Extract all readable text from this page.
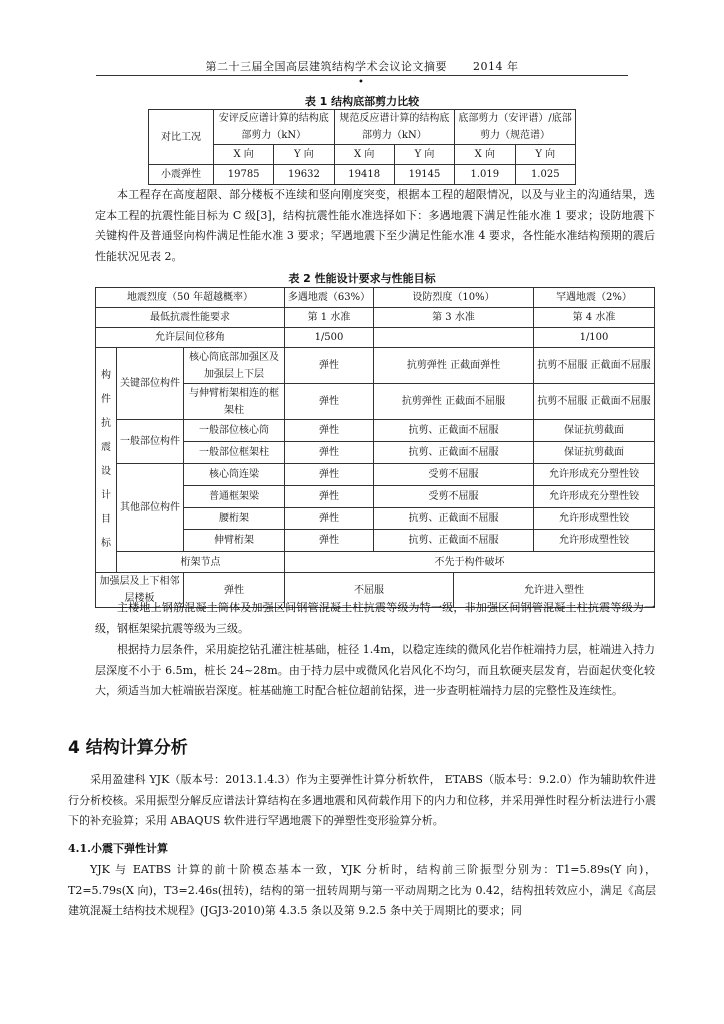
第二十三届全国高层建筑结构学术会议论文摘要 2014 年
•
表 1 结构底部剪力比较
对比工况	安评反应谱计算的结构底部剪力（kN）		规范反应谱计算的结构底部剪力（kN）		底部剪力（安评谱）/底部剪力（规范谱）	
	X 向	Y 向	X 向	Y 向	X 向	Y 向
小震弹性	19785	19632	19418	19145	1.019	1.025
本工程存在高度超限、部分楼板不连续和竖向刚度突变，根据本工程的超限情况，以及与业主的沟通结果，选定本工程的抗震性能目标为 C 级[3]，结构抗震性能水准选择如下：多遇地震下满足性能水准 1 要求；设防地震下关键构件及普通竖向构件满足性能水准 3 要求；罕遇地震下至少满足性能水准 4 要求，各性能水准结构预期的震后性能状况见表 2。
表 2 性能设计要求与性能目标
地震烈度（50 年超越概率）			多遇地震（63%）	设防烈度（10%）		罕遇地震（2%）
最低抗震性能要求			第 1 水准	第 3 水准		第 4 水准
允许层间位移角			1/500			1/100
构件抗震设计目标	关键部位构件	核心筒底部加强区及加强层上下层	弹性	抗剪弹性 正截面弹性		抗剪不屈服 正截面不屈服
		与伸臂桁架相连的框架柱	弹性	抗剪弹性 正截面不屈服		抗剪不屈服 正截面不屈服
	一般部位构件	一般部位核心筒	弹性	抗剪、正截面不屈服		保证抗剪截面
		一般部位框架柱	弹性	抗剪、正截面不屈服		保证抗剪截面
	其他部位构件	核心筒连梁	弹性	受剪不屈服		允许形成充分塑性铰
		普通框架梁	弹性	受剪不屈服		允许形成充分塑性铰
		腰桁架	弹性	抗剪、正截面不屈服		允许形成塑性铰
		伸臂桁架	弹性	抗剪、正截面不屈服		允许形成塑性铰
	桁架节点		不先于构件破坏			
加强层及上下相邻层楼板		弹性	不屈服		允许进入塑性	
主楼地上钢筋混凝土筒体及加强区间钢管混凝土柱抗震等级为特一级，非加强区间钢管混凝土柱抗震等级为一级，钢框架梁抗震等级为三级。
根据持力层条件，采用旋挖钻孔灌注桩基础，桩径 1.4m，以稳定连续的微风化岩作桩端持力层，桩端进入持力层深度不小于 6.5m，桩长 24~28m。由于持力层中或微风化岩风化不均匀，而且软硬夹层发育，岩面起伏变化较大，须适当加大桩端嵌岩深度。桩基础施工时配合桩位超前钻探，进一步查明桩端持力层的完整性及连续性。
4 结构计算分析
采用盈建科 YJK（版本号：2013.1.4.3）作为主要弹性计算分析软件， ETABS（版本号：9.2.0）作为辅助软件进行分析校核。采用振型分解反应谱法计算结构在多遇地震和风荷载作用下的内力和位移，并采用弹性时程分析法进行小震下的补充验算；采用 ABAQUS 软件进行罕遇地震下的弹塑性变形验算分析。
4.1.小震下弹性计算
YJK 与 EATBS 计算的前十阶模态基本一致，YJK 分析时，结构前三阶振型分别为：T1=5.89s(Y 向)，T2=5.79s(X 向)，T3=2.46s(扭转)，结构的第一扭转周期与第一平动周期之比为 0.42，结构扭转效应小，满足《高层建筑混凝土结构技术规程》(JGJ3-2010)第 4.3.5 条以及第 9.2.5 条中关于周期比的要求；同
